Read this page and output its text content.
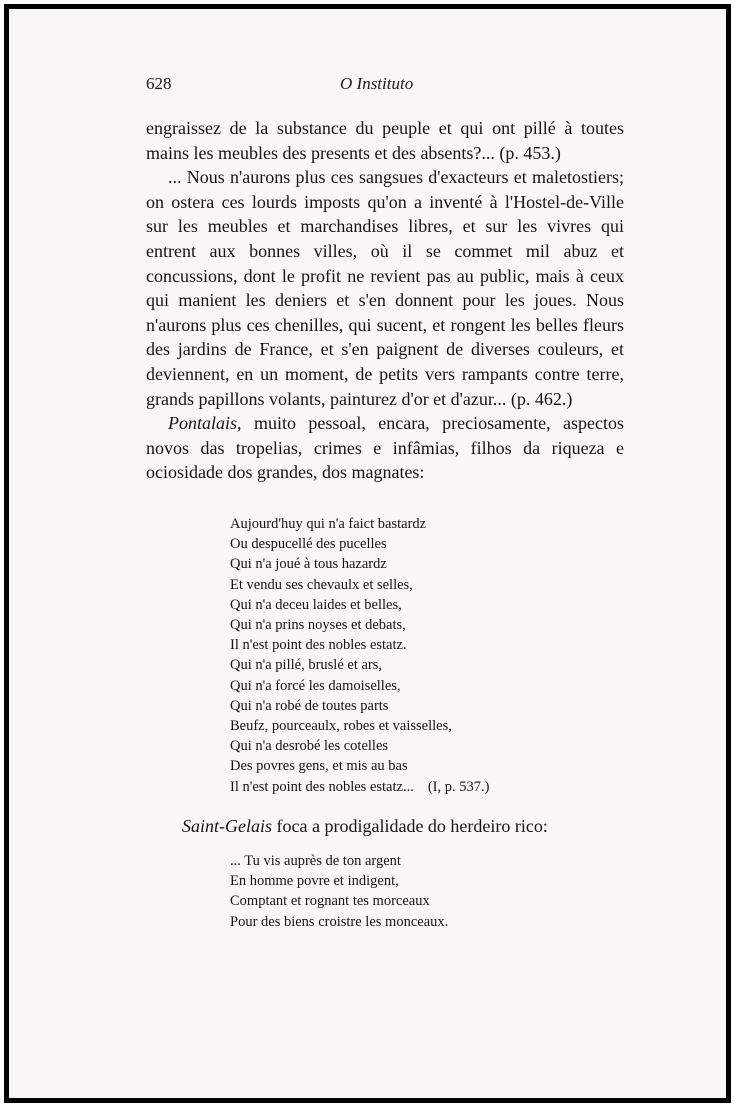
628	O Instituto

engraissez de la substance du peuple et qui ont pillé à toutes mains les meubles des presents et des absents?... (p. 453.)

... Nous n'aurons plus ces sangsues d'exacteurs et maletostiers; on ostera ces lourds imposts qu'on a inventé à l'Hostel-de-Ville sur les meubles et marchandises libres, et sur les vivres qui entrent aux bonnes villes, où il se commet mil abuz et concussions, dont le profit ne revient pas au public, mais à ceux qui manient les deniers et s'en donnent pour les joues. Nous n'aurons plus ces chenilles, qui sucent, et rongent les belles fleurs des jardins de France, et s'en paignent de diverses couleurs, et deviennent, en un moment, de petits vers rampants contre terre, grands papillons volants, painturez d'or et d'azur... (p. 462.)

Pontalais, muito pessoal, encara, preciosamente, aspectos novos das tropelias, crimes e infâmias, filhos da riqueza e ociosidade dos grandes, dos magnates:

Aujourd'huy qui n'a faict bastardz
Ou despucellé des pucelles
Qui n'a joué à tous hazardz
Et vendu ses chevaulx et selles,
Qui n'a deceu laides et belles,
Qui n'a prins noyses et debats,
Il n'est point des nobles estatz.
Qui n'a pillé, bruslé et ars,
Qui n'a forcé les damoiselles,
Qui n'a robé de toutes parts
Beufz, pourceaulx, robes et vaisselles,
Qui n'a desrobé les cotelles
Des povres gens, et mis au bas
Il n'est point des nobles estatz... (I, p. 537.)
Saint-Gelais foca a prodigalidade do herdeiro rico:
... Tu vis auprès de ton argent
En homme povre et indigent,
Comptant et rognant tes morceaux
Pour des biens croistre les monceaux.
